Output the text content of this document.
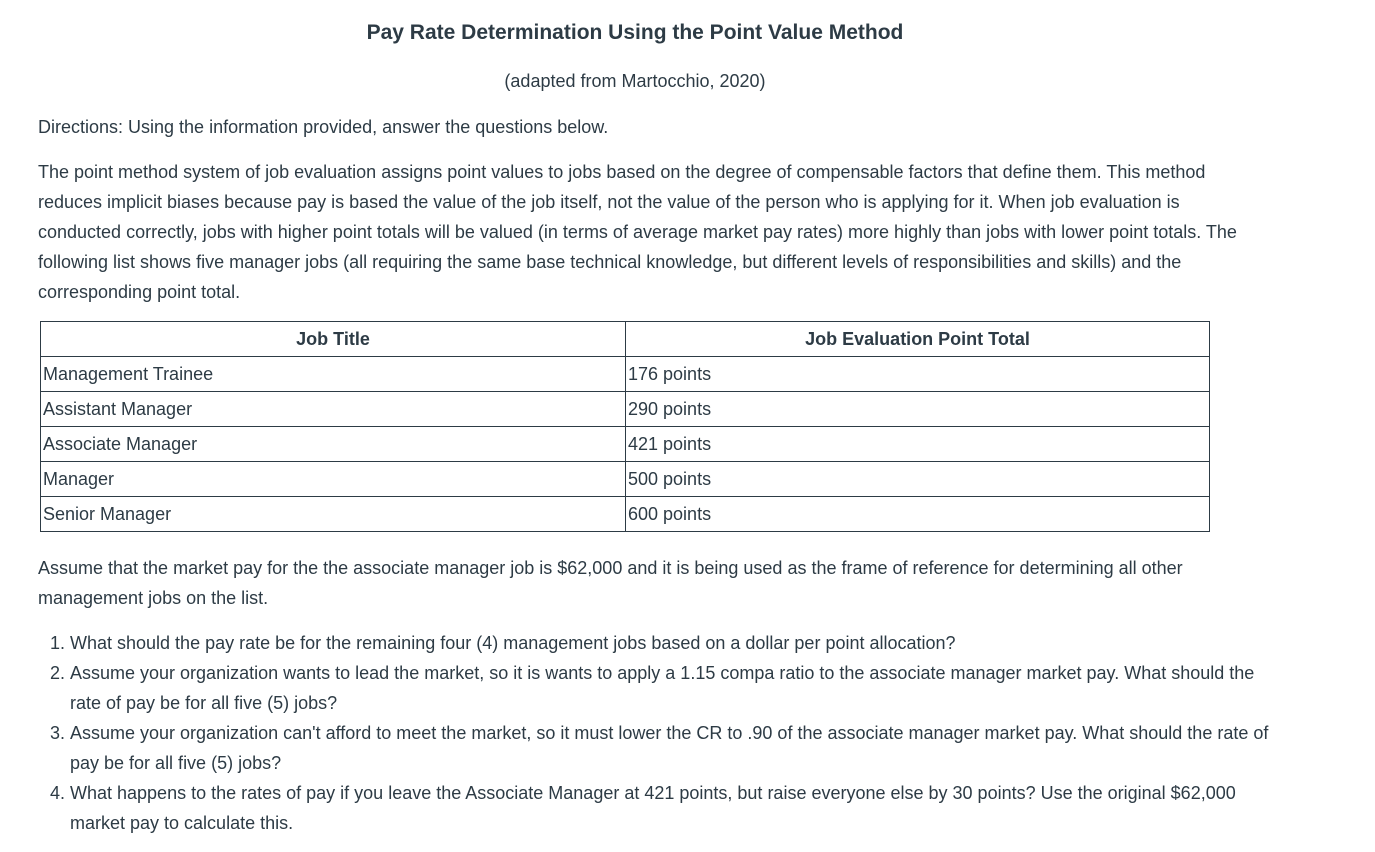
Pay Rate Determination Using the Point Value Method

(adapted from Martocchio, 2020)

Directions: Using the information provided, answer the questions below.

The point method system of job evaluation assigns point values to jobs based on the degree of compensable factors that define them. This method reduces implicit biases because pay is based the value of the job itself, not the value of the person who is applying for it. When job evaluation is conducted correctly, jobs with higher point totals will be valued (in terms of average market pay rates) more highly than jobs with lower point totals. The following list shows five manager jobs (all requiring the same base technical knowledge, but different levels of responsibilities and skills) and the corresponding point total.

Job Title	Job Evaluation Point Total
Management Trainee	176 points
Assistant Manager	290 points
Associate Manager	421 points
Manager	500 points
Senior Manager	600 points

Assume that the market pay for the the associate manager job is $62,000 and it is being used as the frame of reference for determining all other management jobs on the list.

1. What should the pay rate be for the remaining four (4) management jobs based on a dollar per point allocation?
2. Assume your organization wants to lead the market, so it is wants to apply a 1.15 compa ratio to the associate manager market pay. What should the rate of pay be for all five (5) jobs?
3. Assume your organization can't afford to meet the market, so it must lower the CR to .90 of the associate manager market pay. What should the rate of pay be for all five (5) jobs?
4. What happens to the rates of pay if you leave the Associate Manager at 421 points, but raise everyone else by 30 points? Use the original $62,000 market pay to calculate this.
